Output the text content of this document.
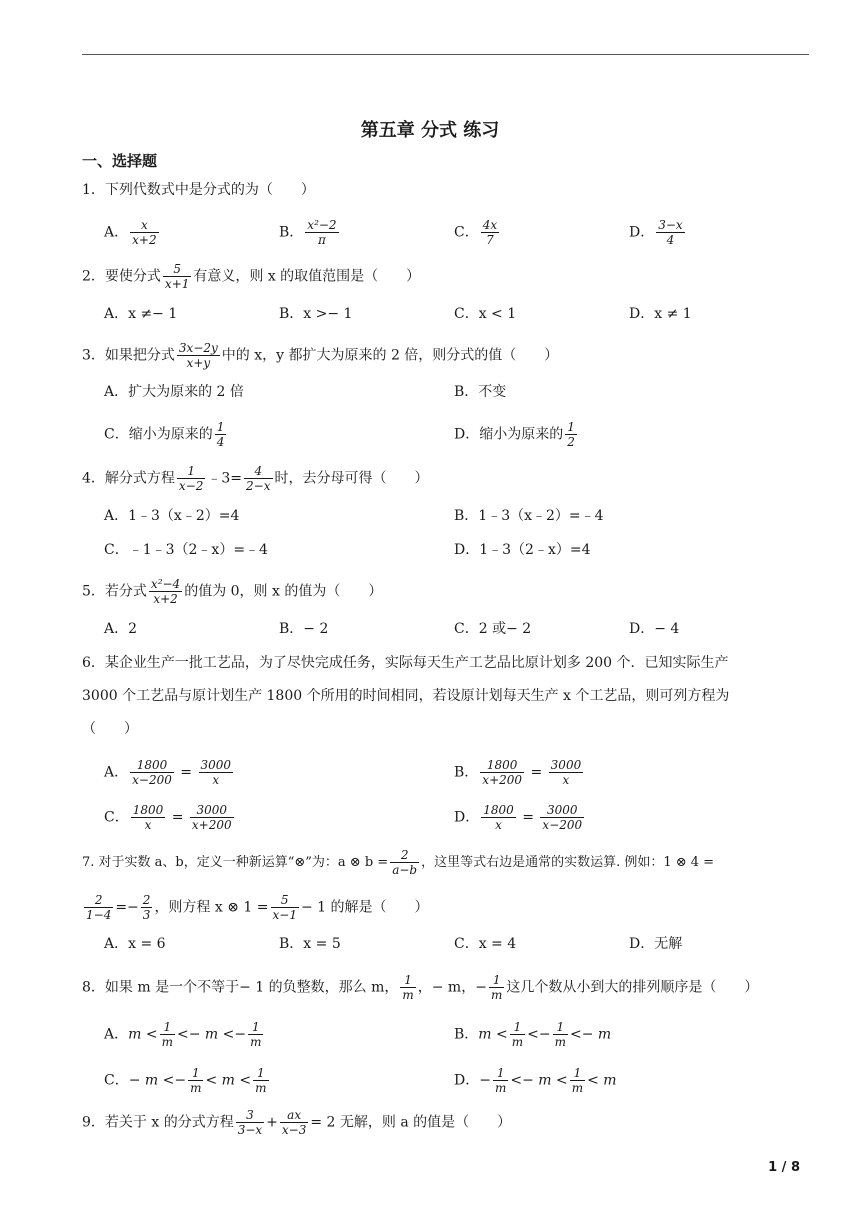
第五章 分式 练习
一、选择题
1．下列代数式中是分式的为（　　）
A． $\frac{x}{x+2}$	B． $\frac{\text{x²−2}}{\pi}$	C． $\frac{4x}{7}$	D． $\frac{3-x}{4}$
2．要使分式 $\frac{5}{x+1}$ 有意义，则 x 的取值范围是（　　）
A．x ≠− 1	B．x >− 1	C．x < 1	D．x ≠ 1
3．如果把分式 $\frac{3x-2y}{x+y}$ 中的 x，y 都扩大为原来的 2 倍，则分式的值（　　）
A．扩大为原来的 2 倍	B．不变
C．缩小为原来的 $\frac{1}{4}$	D．缩小为原来的 $\frac{1}{2}$
4．解分式方程 $\frac{1}{x-2}$ ﹣3= $\frac{4}{2-x}$ 时，去分母可得（　　）
A．1﹣3（x﹣2）=4	B．1﹣3（x﹣2）=﹣4
C．﹣1﹣3（2﹣x）=﹣4	D．1﹣3（2﹣x）=4
5．若分式 $\frac{\text{x²−4}}{x+2}$ 的值为 0，则 x 的值为（　　）
A．2	B．− 2	C．2 或− 2	D．− 4
6．某企业生产一批工艺品，为了尽快完成任务，实际每天生产工艺品比原计划多 200 个．已知实际生产
3000 个工艺品与原计划生产 1800 个所用的时间相同，若设原计划每天生产 x 个工艺品，则可列方程为
（　　）
A． $\frac{1800}{x-200} = \frac{3000}{x}$	B． $\frac{1800}{x+200} = \frac{3000}{x}$
C． $\frac{1800}{x} = \frac{3000}{x+200}$	D． $\frac{1800}{x} = \frac{3000}{x-200}$
7. 对于实数 a、b，定义一种新运算“⊗”为：a ⊗ $b = \frac{2}{a-b}$ ，这里等式右边是通常的实数运算. 例如：1 ⊗ 4 =
$\frac{2}{1-4} =- \frac{2}{3}$ ，则方程 x ⊗ $1 = \frac{5}{x-1} - 1$ 的解是（　　）
A．x = 6	B．x = 5	C．x = 4	D．无解
8．如果 m 是一个不等于− 1 的负整数，那么 m， $\frac{1}{m}$ ，− m，− $\frac{1}{m}$ 这几个数从小到大的排列顺序是（　　）
A．$m < \frac{1}{m} <- m <- \frac{1}{m}$	B．$m < \frac{1}{m} <- \frac{1}{m} <- m$
C．− $m <- \frac{1}{m} < m < \frac{1}{m}$	D．− $\frac{1}{m} <- m < \frac{1}{m} < m$
9．若关于 x 的分式方程 $\frac{3}{3-x} + \frac{ax}{x-3} = 2$ 无解，则 a 的值是（　　）
1 / 8
